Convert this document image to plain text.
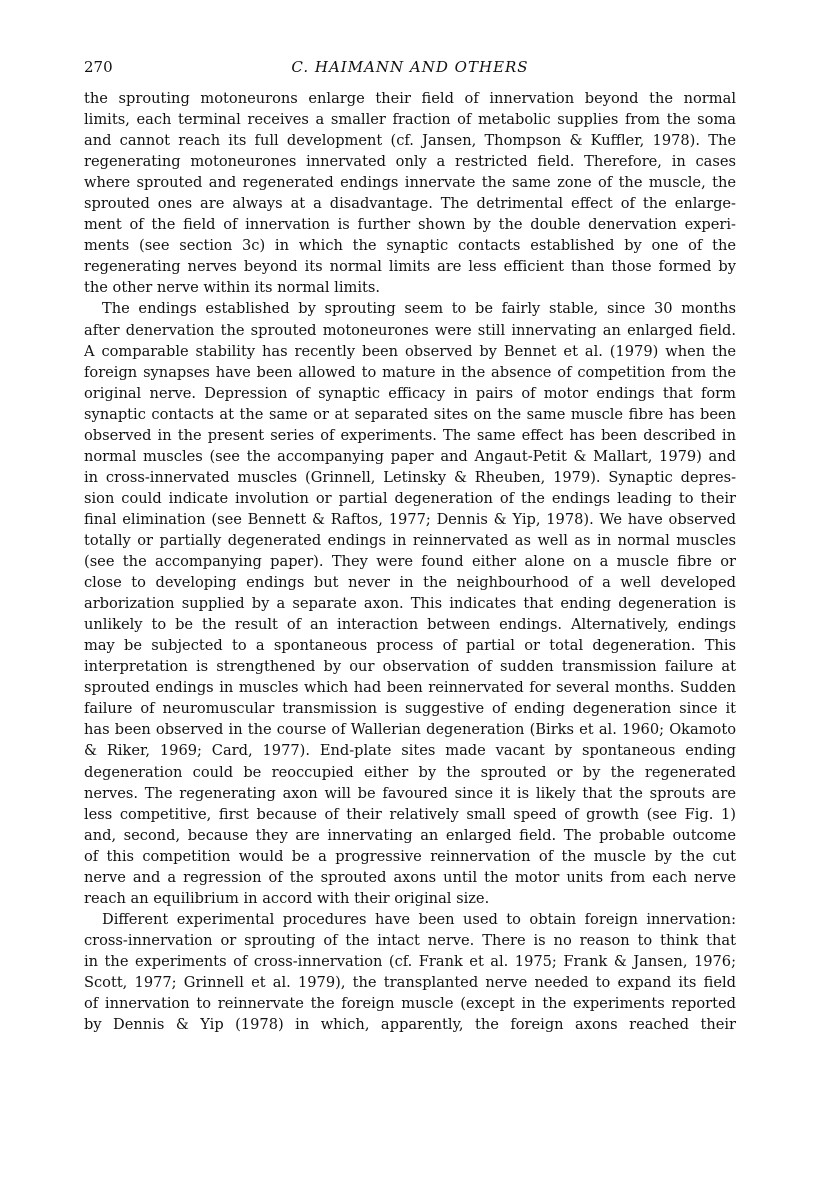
270	C. HAIMANN AND OTHERS

the sprouting motoneurons enlarge their field of innervation beyond the normal
limits, each terminal receives a smaller fraction of metabolic supplies from the soma
and cannot reach its full development (cf. Jansen, Thompson & Kuffler, 1978). The
regenerating motoneurones innervated only a restricted field. Therefore, in cases
where sprouted and regenerated endings innervate the same zone of the muscle, the
sprouted ones are always at a disadvantage. The detrimental effect of the enlarge-
ment of the field of innervation is further shown by the double denervation experi-
ments (see section 3c) in which the synaptic contacts established by one of the
regenerating nerves beyond its normal limits are less efficient than those formed by
the other nerve within its normal limits.

The endings established by sprouting seem to be fairly stable, since 30 months
after denervation the sprouted motoneurones were still innervating an enlarged field.
A comparable stability has recently been observed by Bennet et al. (1979) when the
foreign synapses have been allowed to mature in the absence of competition from the
original nerve. Depression of synaptic efficacy in pairs of motor endings that form
synaptic contacts at the same or at separated sites on the same muscle fibre has been
observed in the present series of experiments. The same effect has been described in
normal muscles (see the accompanying paper and Angaut-Petit & Mallart, 1979) and
in cross-innervated muscles (Grinnell, Letinsky & Rheuben, 1979). Synaptic depres-
sion could indicate involution or partial degeneration of the endings leading to their
final elimination (see Bennett & Raftos, 1977; Dennis & Yip, 1978). We have observed
totally or partially degenerated endings in reinnervated as well as in normal muscles
(see the accompanying paper). They were found either alone on a muscle fibre or
close to developing endings but never in the neighbourhood of a well developed
arborization supplied by a separate axon. This indicates that ending degeneration is
unlikely to be the result of an interaction between endings. Alternatively, endings
may be subjected to a spontaneous process of partial or total degeneration. This
interpretation is strengthened by our observation of sudden transmission failure at
sprouted endings in muscles which had been reinnervated for several months. Sudden
failure of neuromuscular transmission is suggestive of ending degeneration since it
has been observed in the course of Wallerian degeneration (Birks et al. 1960; Okamoto
& Riker, 1969; Card, 1977). End-plate sites made vacant by spontaneous ending
degeneration could be reoccupied either by the sprouted or by the regenerated
nerves. The regenerating axon will be favoured since it is likely that the sprouts are
less competitive, first because of their relatively small speed of growth (see Fig. 1)
and, second, because they are innervating an enlarged field. The probable outcome
of this competition would be a progressive reinnervation of the muscle by the cut
nerve and a regression of the sprouted axons until the motor units from each nerve
reach an equilibrium in accord with their original size.

Different experimental procedures have been used to obtain foreign innervation:
cross-innervation or sprouting of the intact nerve. There is no reason to think that
in the experiments of cross-innervation (cf. Frank et al. 1975; Frank & Jansen, 1976;
Scott, 1977; Grinnell et al. 1979), the transplanted nerve needed to expand its field
of innervation to reinnervate the foreign muscle (except in the experiments reported
by Dennis & Yip (1978) in which, apparently, the foreign axons reached their
